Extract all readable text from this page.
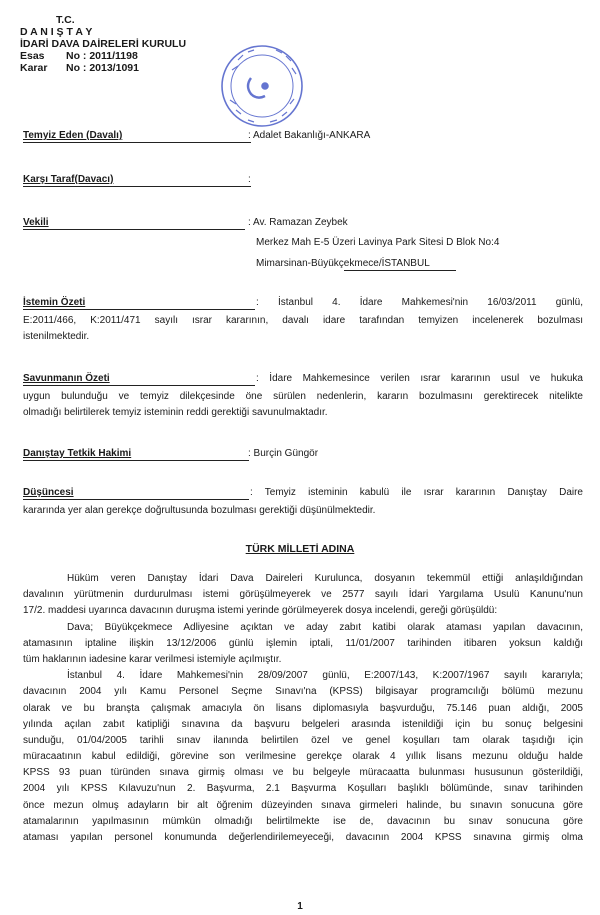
T.C.
D A N I Ş T A Y
İDARİ DAVA DAİRELERİ KURULU
Esas No : 2011/1198
Karar No : 2013/1091
Temyiz Eden (Davalı)	: Adalet Bakanlığı-ANKARA
Karşı Taraf(Davacı)	:
Vekili	: Av. Ramazan Zeybek
Merkez Mah E-5 Üzeri Lavinya Park Sitesi D Blok No:4
Mimarsinan-Büyükçekmece/İSTANBUL
İstemin Özeti	: İstanbul 4. İdare Mahkemesi'nin 16/03/2011 günlü,
E:2011/466, K:2011/471 sayılı ısrar kararının, davalı idare tarafından temyizen incelenerek bozulması
istenilmektedir.
Savunmanın Özeti	: İdare Mahkemesince verilen ısrar kararının usul ve hukuka
uygun bulunduğu ve temyiz dilekçesinde öne sürülen nedenlerin, kararın bozulmasını gerektirecek nitelikte
olmadığı belirtilerek temyiz isteminin reddi gerektiği savunulmaktadır.
Danıştay Tetkik Hakimi	: Burçin Güngör
Düşüncesi	: Temyiz isteminin kabulü ile ısrar kararının Danıştay Daire
kararında yer alan gerekçe doğrultusunda bozulması gerektiği düşünülmektedir.
TÜRK MİLLETİ ADINA
Hüküm veren Danıştay İdari Dava Daireleri Kurulunca, dosyanın tekemmül ettiği anlaşıldığından
davalının yürütmenin durdurulması istemi görüşülmeyerek ve 2577 sayılı İdari Yargılama Usulü Kanunu'nun
17/2. maddesi uyarınca davacının duruşma istemi yerinde görülmeyerek dosya incelendi, gereği görüşüldü:
Dava; Büyükçekmece Adliyesine açıktan ve aday zabıt katibi olarak ataması yapılan davacının,
atamasının iptaline ilişkin 13/12/2006 günlü işlemin iptali, 11/01/2007 tarihinden itibaren yoksun kaldığı
tüm haklarının iadesine karar verilmesi istemiyle açılmıştır.
İstanbul 4. İdare Mahkemesi'nin 28/09/2007 günlü, E:2007/143, K:2007/1967 sayılı kararıyla;
davacının 2004 yılı Kamu Personel Seçme Sınavı'na (KPSS) bilgisayar programcılığı bölümü mezunu
olarak ve bu branşta çalışmak amacıyla ön lisans diplomasıyla başvurduğu, 75.146 puan aldığı, 2005
yılında açılan zabıt katipliği sınavına da başvuru belgeleri arasında istenildiği için bu sonuç belgesini
sunduğu, 01/04/2005 tarihli sınav ilanında belirtilen özel ve genel koşulları tam olarak taşıdığı için
müracaatının kabul edildiği, görevine son verilmesine gerekçe olarak 4 yıllık lisans mezunu olduğu halde
KPSS 93 puan türünden sınava girmiş olması ve bu belgeyle müracaatta bulunması hususunun gösterildiği,
2004 yılı KPSS Kılavuzu'nun 2. Başvurma, 2.1 Başvurma Koşulları başlıklı bölümünde, sınav tarihinden
önce mezun olmuş adayların bir alt öğrenim düzeyinden sınava girmeleri halinde, bu sınavın sonucuna göre
atamalarının yapılmasının mümkün olmadığı belirtilmekte ise de, davacının bu sınav sonucuna göre
ataması yapılan personel konumunda değerlendirilemeyeceği, davacının 2004 KPSS sınavına girmiş olma
1
